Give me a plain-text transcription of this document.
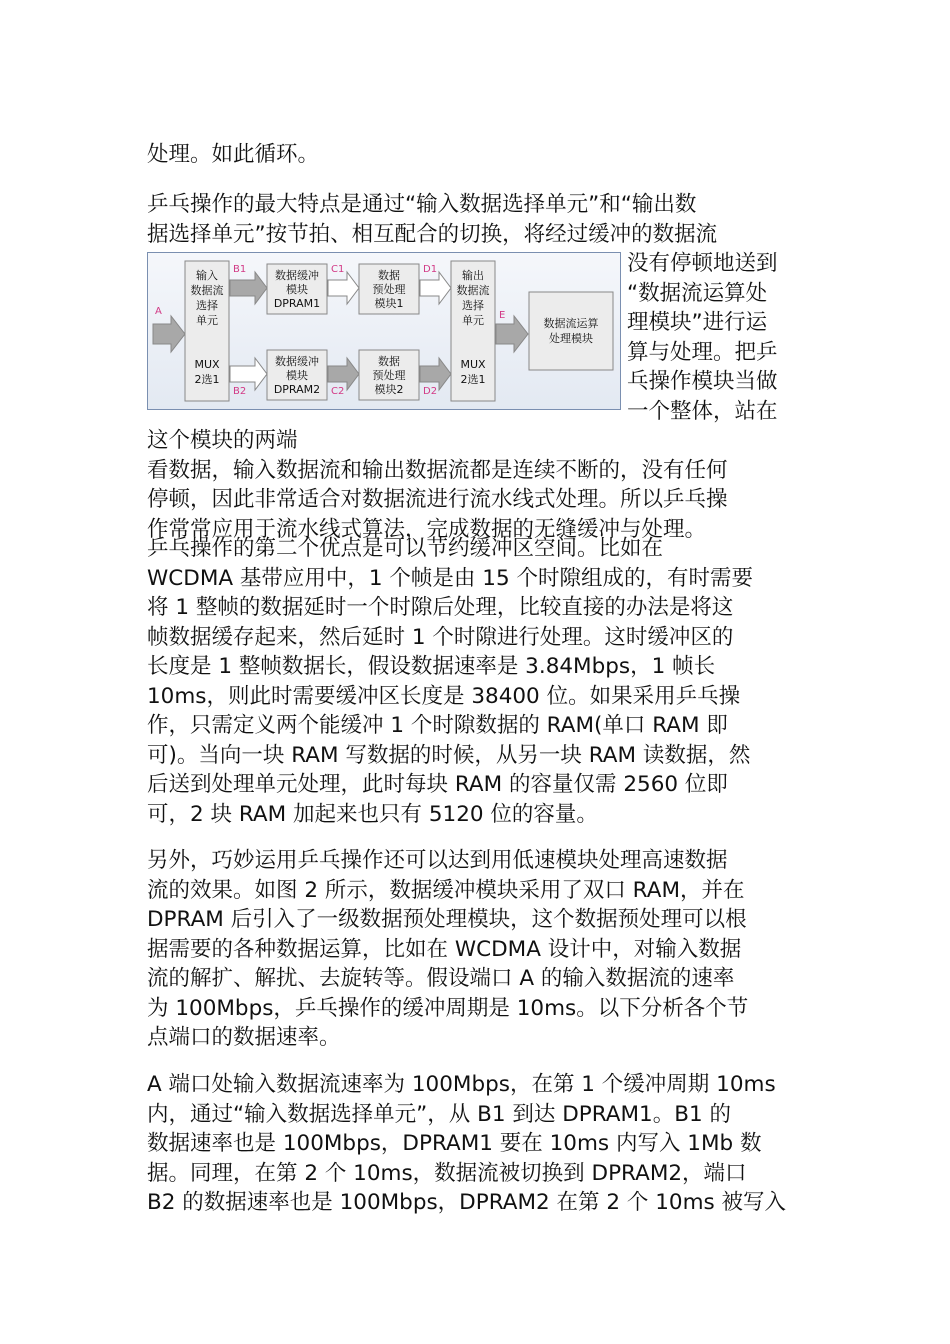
处理。如此循环。

乒乓操作的最大特点是通过“输入数据选择单元”和“输出数
据选择单元”按节拍、相互配合的切换，将经过缓冲的数据流
A
输入
数据流
选择
单元
MUX
2选1
B1
B2
数据缓冲
模块
DPRAM1
数据缓冲
模块
DPRAM2
C1
C2
数据
预处理
模块1
数据
预处理
模块2
D1
D2
输出
数据流
选择
单元
MUX
2选1
E
数据流运算
处理模块
没有停顿地送到
“数据流运算处
理模块”进行运
算与处理。把乒
乓操作模块当做
一个整体，站在
这个模块的两端
看数据，输入数据流和输出数据流都是连续不断的，没有任何
停顿，因此非常适合对数据流进行流水线式处理。所以乒乓操
作常常应用于流水线式算法，完成数据的无缝缓冲与处理。
乒乓操作的第二个优点是可以节约缓冲区空间。比如在
WCDMA 基带应用中，1 个帧是由 15 个时隙组成的，有时需要
将 1 整帧的数据延时一个时隙后处理，比较直接的办法是将这
帧数据缓存起来，然后延时 1 个时隙进行处理。这时缓冲区的
长度是 1 整帧数据长，假设数据速率是 3.84Mbps，1 帧长
10ms，则此时需要缓冲区长度是 38400 位。如果采用乒乓操
作，只需定义两个能缓冲 1 个时隙数据的 RAM(单口 RAM 即
可)。当向一块 RAM 写数据的时候，从另一块 RAM 读数据，然
后送到处理单元处理，此时每块 RAM 的容量仅需 2560 位即
可，2 块 RAM 加起来也只有 5120 位的容量。
另外，巧妙运用乒乓操作还可以达到用低速模块处理高速数据
流的效果。如图 2 所示，数据缓冲模块采用了双口 RAM，并在
DPRAM 后引入了一级数据预处理模块，这个数据预处理可以根
据需要的各种数据运算，比如在 WCDMA 设计中，对输入数据
流的解扩、解扰、去旋转等。假设端口 A 的输入数据流的速率
为 100Mbps，乒乓操作的缓冲周期是 10ms。以下分析各个节
点端口的数据速率。
A 端口处输入数据流速率为 100Mbps，在第 1 个缓冲周期 10ms
内，通过“输入数据选择单元”，从 B1 到达 DPRAM1。B1 的
数据速率也是 100Mbps，DPRAM1 要在 10ms 内写入 1Mb 数
据。同理，在第 2 个 10ms，数据流被切换到 DPRAM2，端口
B2 的数据速率也是 100Mbps，DPRAM2 在第 2 个 10ms 被写入
